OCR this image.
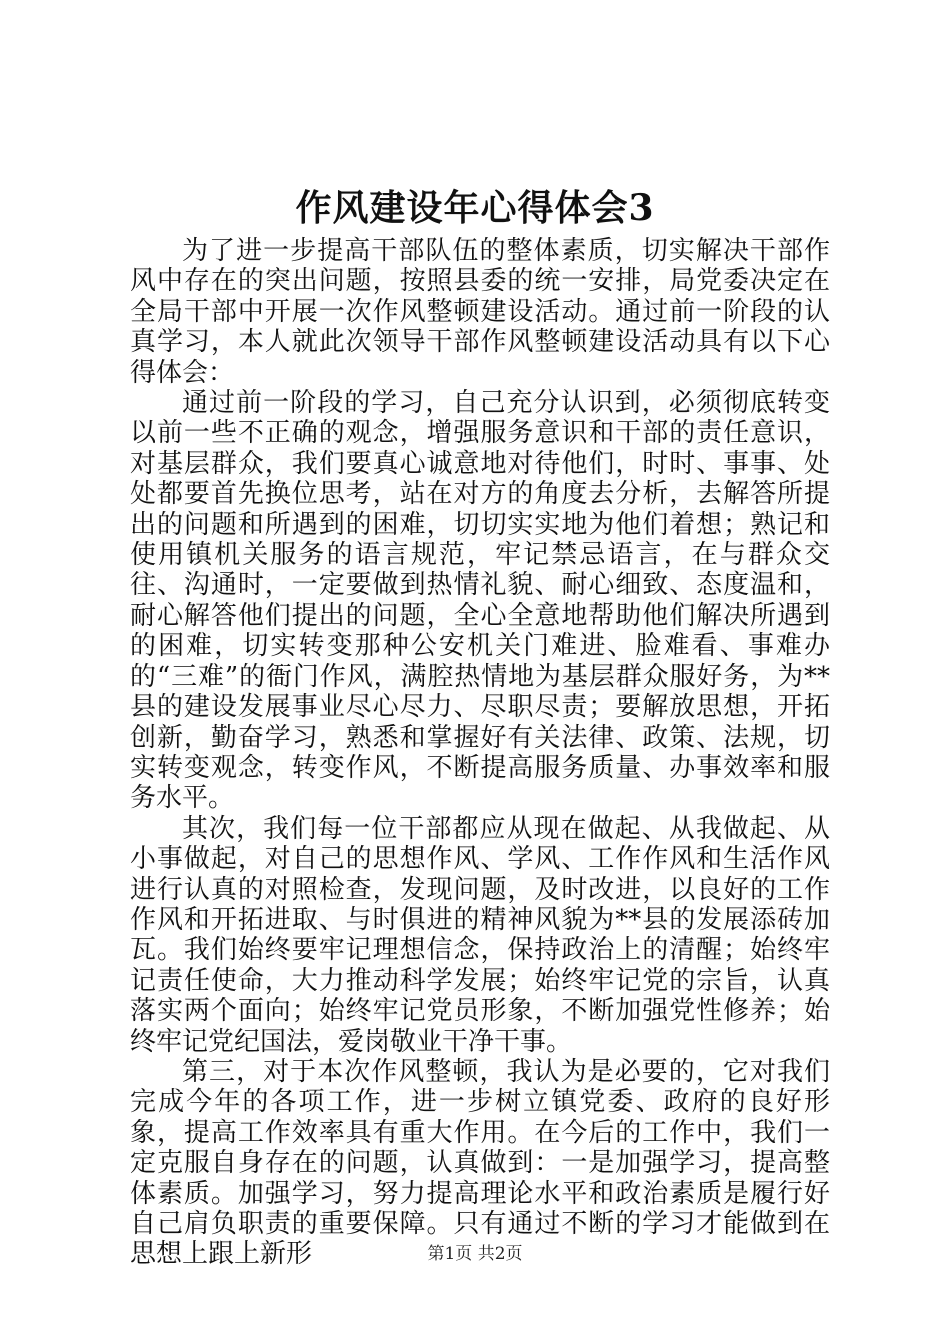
作风建设年心得体会3

为了进一步提高干部队伍的整体素质，切实解决干部作风中存在的突出问题，按照县委的统一安排，局党委决定在全局干部中开展一次作风整顿建设活动。通过前一阶段的认真学习，本人就此次领导干部作风整顿建设活动具有以下心得体会：

通过前一阶段的学习，自己充分认识到，必须彻底转变以前一些不正确的观念，增强服务意识和干部的责任意识，对基层群众，我们要真心诚意地对待他们，时时、事事、处处都要首先换位思考，站在对方的角度去分析，去解答所提出的问题和所遇到的困难，切切实实地为他们着想；熟记和使用镇机关服务的语言规范，牢记禁忌语言，在与群众交往、沟通时，一定要做到热情礼貌、耐心细致、态度温和，耐心解答他们提出的问题，全心全意地帮助他们解决所遇到的困难，切实转变那种公安机关门难进、脸难看、事难办的“三难”的衙门作风，满腔热情地为基层群众服好务，为**县的建设发展事业尽心尽力、尽职尽责；要解放思想，开拓创新，勤奋学习，熟悉和掌握好有关法律、政策、法规，切实转变观念，转变作风，不断提高服务质量、办事效率和服务水平。

其次，我们每一位干部都应从现在做起、从我做起、从小事做起，对自己的思想作风、学风、工作作风和生活作风进行认真的对照检查，发现问题，及时改进，以良好的工作作风和开拓进取、与时俱进的精神风貌为**县的发展添砖加瓦。我们始终要牢记理想信念，保持政治上的清醒；始终牢记责任使命，大力推动科学发展；始终牢记党的宗旨，认真落实两个面向；始终牢记党员形象，不断加强党性修养；始终牢记党纪国法，爱岗敬业干净干事。

第三，对于本次作风整顿，我认为是必要的，它对我们完成今年的各项工作，进一步树立镇党委、政府的良好形象，提高工作效率具有重大作用。在今后的工作中，我们一定克服自身存在的问题，认真做到：一是加强学习，提高整体素质。加强学习，努力提高理论水平和政治素质是履行好自己肩负职责的重要保障。只有通过不断的学习才能做到在思想上跟上新形	第1页 共2页
